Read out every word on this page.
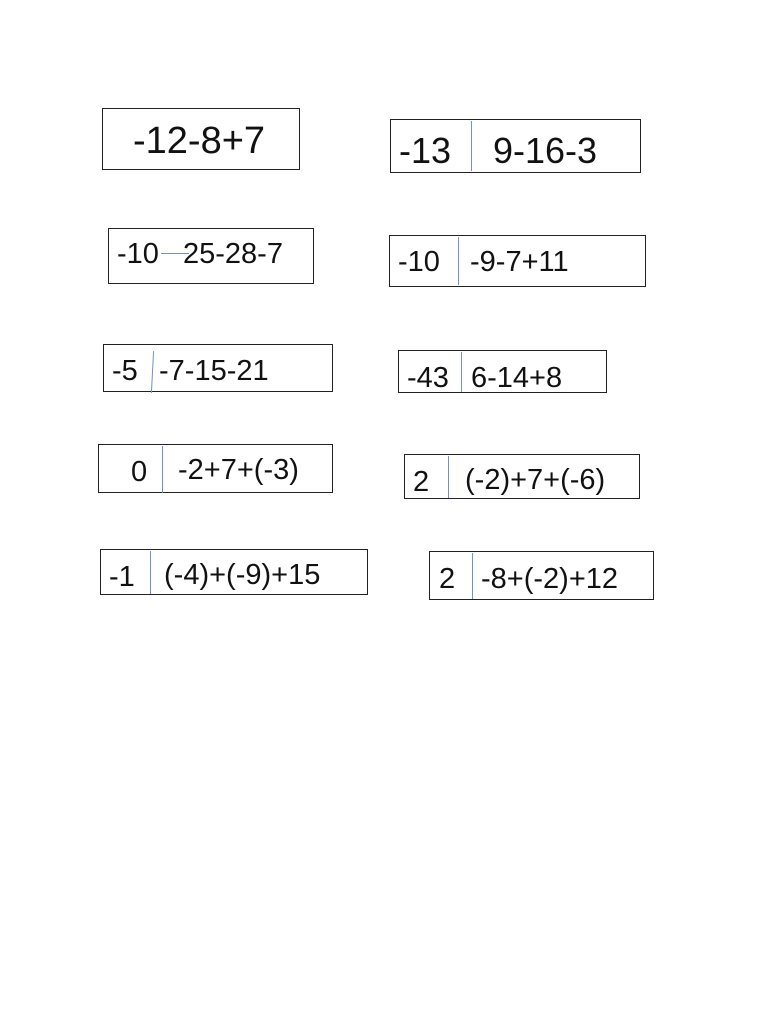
-12-8+7	-13 9-16-3
-10 25-28-7	-10 -9-7+11
-5 -7-15-21	-43 6-14+8
0 -2+7+(-3)	2 (-2)+7+(-6)
-1 (-4)+(-9)+15	2 -8+(-2)+12
